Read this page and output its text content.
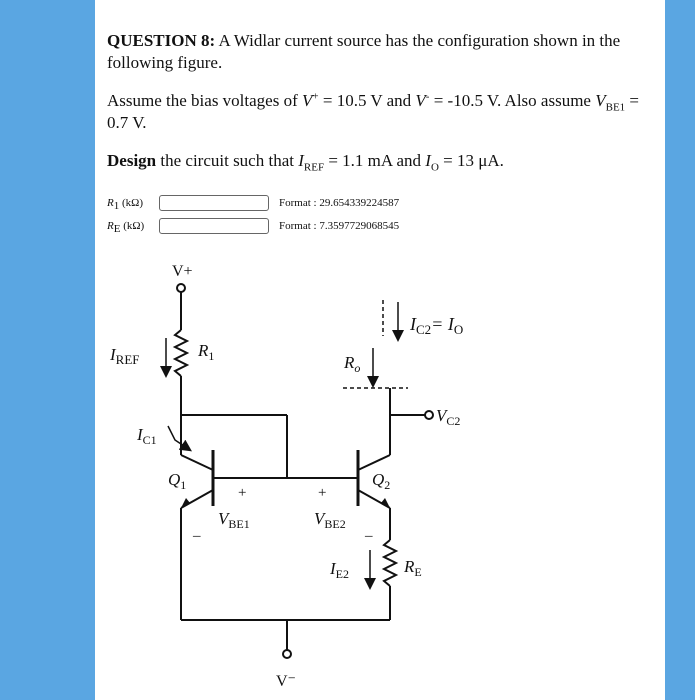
QUESTION 8: A Widlar current source has the configuration shown in the following figure.
Assume the bias voltages of V+ = 10.5 V and V- = -10.5 V. Also assume $V_{BE1} = 0.7$ V.
Design the circuit such that $I_{REF} = 1.1$ mA and $I_O = 13$ μA.
$R_1$ (kΩ)	Format : 29.654339224587
$R_E$ (kΩ)	Format : 7.3597729068545
V+
$I_{REF}$	$R_1$
$I_{C1}$
$Q_1$	$Q_2$
$I_{C2}= I_O$
$R_o$
$V_{C2}$
+
$V_{BE1}$
–
+
$V_{BE2}$
–
$I_{E2}$	$R_E$
V⁻
